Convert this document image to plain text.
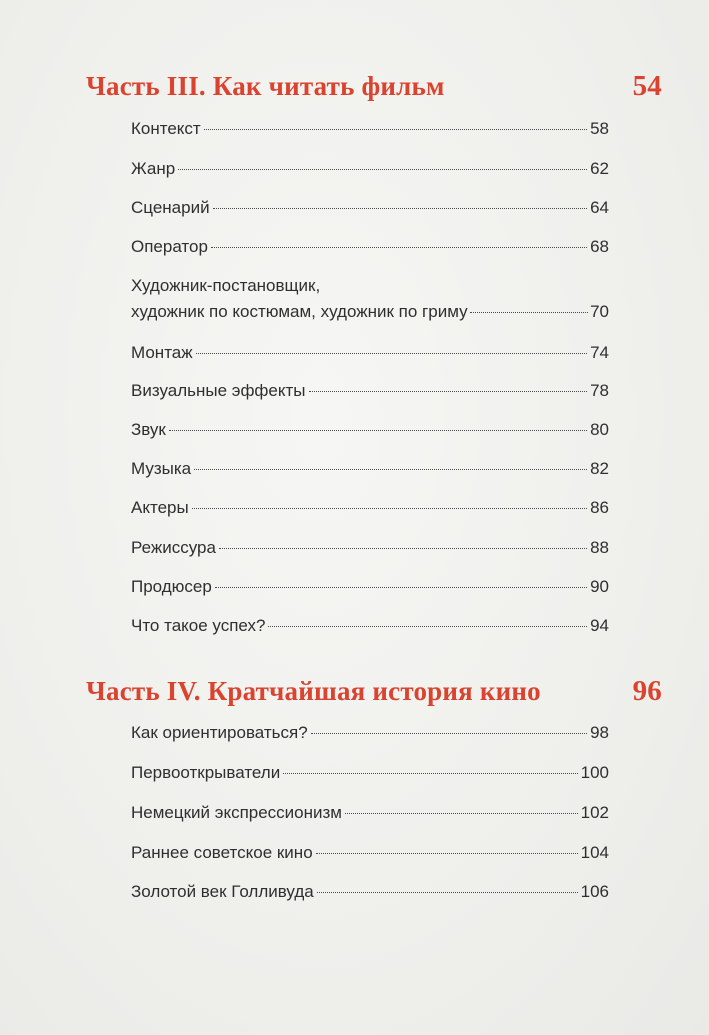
Часть III. Как читать фильм	54
Контекст	58
Жанр	62
Сценарий	64
Оператор	68
Художник-постановщик,
художник по костюмам, художник по гриму	70
Монтаж	74
Визуальные эффекты	78
Звук	80
Музыка	82
Актеры	86
Режиссура	88
Продюсер	90
Что такое успех?	94
Часть IV. Кратчайшая история кино	96
Как ориентироваться?	98
Первооткрыватели	100
Немецкий экспрессионизм	102
Раннее советское кино	104
Золотой век Голливуда	106
